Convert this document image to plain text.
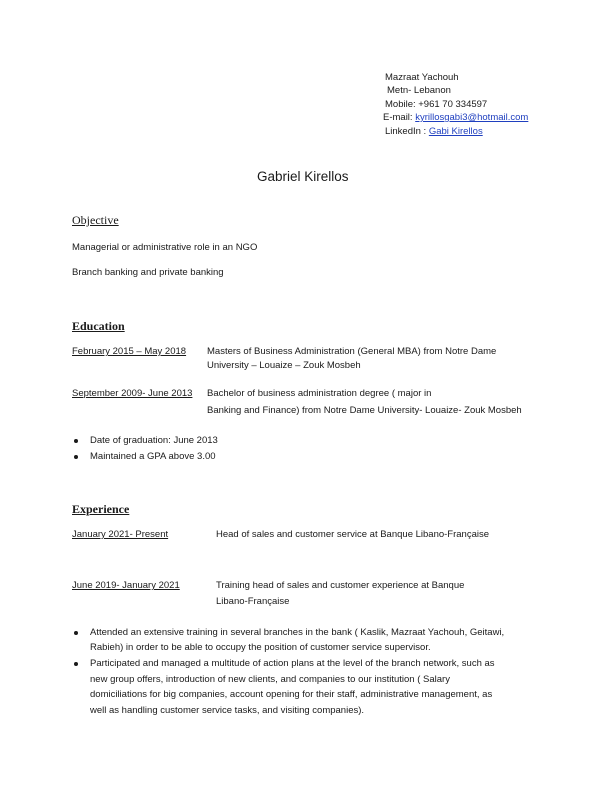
Mazraat Yachouh
Metn- Lebanon
Mobile: +961 70 334597
E-mail: kyrillosgabi3@hotmail.com
LinkedIn : Gabi Kirellos
Gabriel Kirellos
Objective
Managerial or administrative role in an NGO
Branch banking and private banking
Education
February 2015 – May 2018 Masters of Business Administration (General MBA) from Notre Dame
University – Louaize – Zouk Mosbeh
September 2009- June 2013 Bachelor of business administration degree ( major in
Banking and Finance) from Notre Dame University- Louaize- Zouk Mosbeh
Date of graduation: June 2013
Maintained a GPA above 3.00
Experience
January 2021- Present	Head of sales and customer service at Banque Libano-Française
June 2019- January 2021	Training head of sales and customer experience at Banque
Libano-Française
Attended an extensive training in several branches in the bank ( Kaslik, Mazraat Yachouh, Geitawi,
Rabieh) in order to be able to occupy the position of customer service supervisor.
Participated and managed a multitude of action plans at the level of the branch network, such as
new group offers, introduction of new clients, and companies to our institution ( Salary
domiciliations for big companies, account opening for their staff, administrative management, as
well as handling customer service tasks, and visiting companies).
